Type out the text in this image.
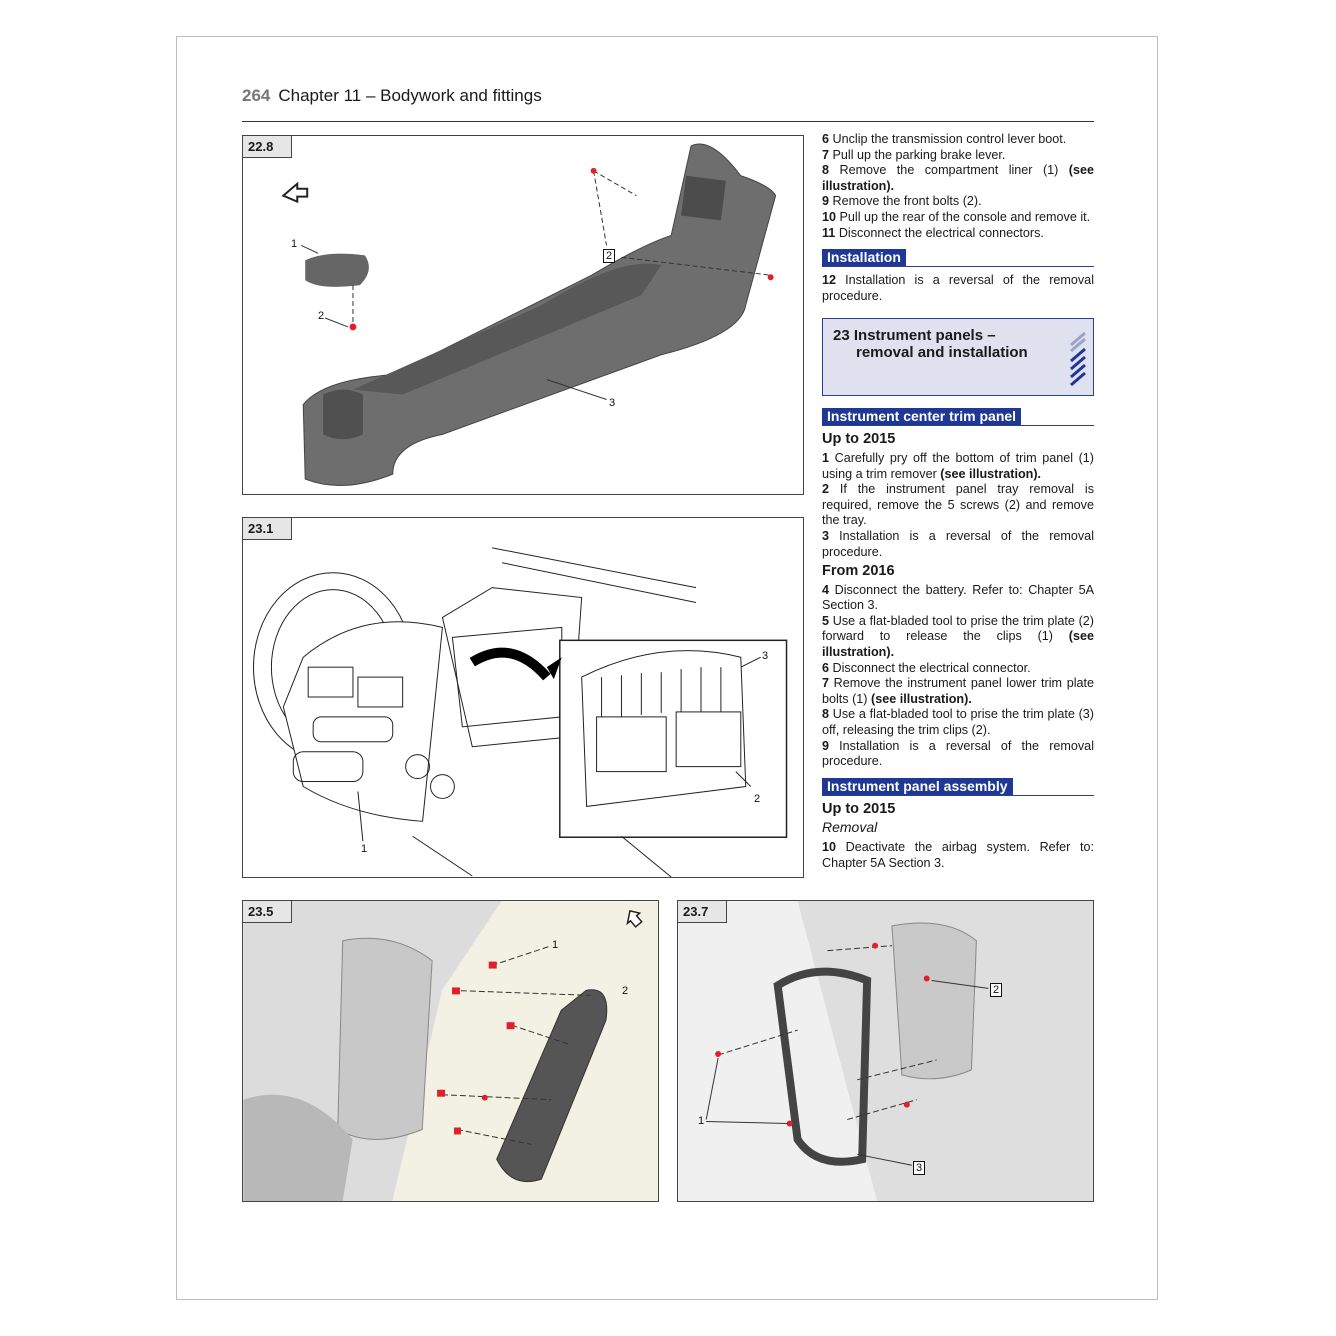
264 Chapter 11 – Bodywork and fittings
22.8
1
2
2
3
23.1
1
3
2
23.5
1
2
23.7
2
1
3

6 Unclip the transmission control lever boot.

7 Pull up the parking brake lever.

8 Remove the compartment liner (1) (see illustration).

9 Remove the front bolts (2).

10 Pull up the rear of the console and remove it.

11 Disconnect the electrical connectors.

Installation

12 Installation is a reversal of the removal procedure.

23 Instrument panels –
removal and installation
Instrument center trim panel
Up to 2015

1 Carefully pry off the bottom of trim panel (1) using a trim remover (see illustration).

2 If the instrument panel tray removal is required, remove the 5 screws (2) and remove the tray.

3 Installation is a reversal of the removal procedure.

From 2016

4 Disconnect the battery. Refer to: Chapter 5A Section 3.

5 Use a flat-bladed tool to prise the trim plate (2) forward to release the clips (1) (see illustration).

6 Disconnect the electrical connector.

7 Remove the instrument panel lower trim plate bolts (1) (see illustration).

8 Use a flat-bladed tool to prise the trim plate (3) off, releasing the trim clips (2).

9 Installation is a reversal of the removal procedure.

Instrument panel assembly
Up to 2015
Removal

10 Deactivate the airbag system. Refer to: Chapter 5A Section 3.
